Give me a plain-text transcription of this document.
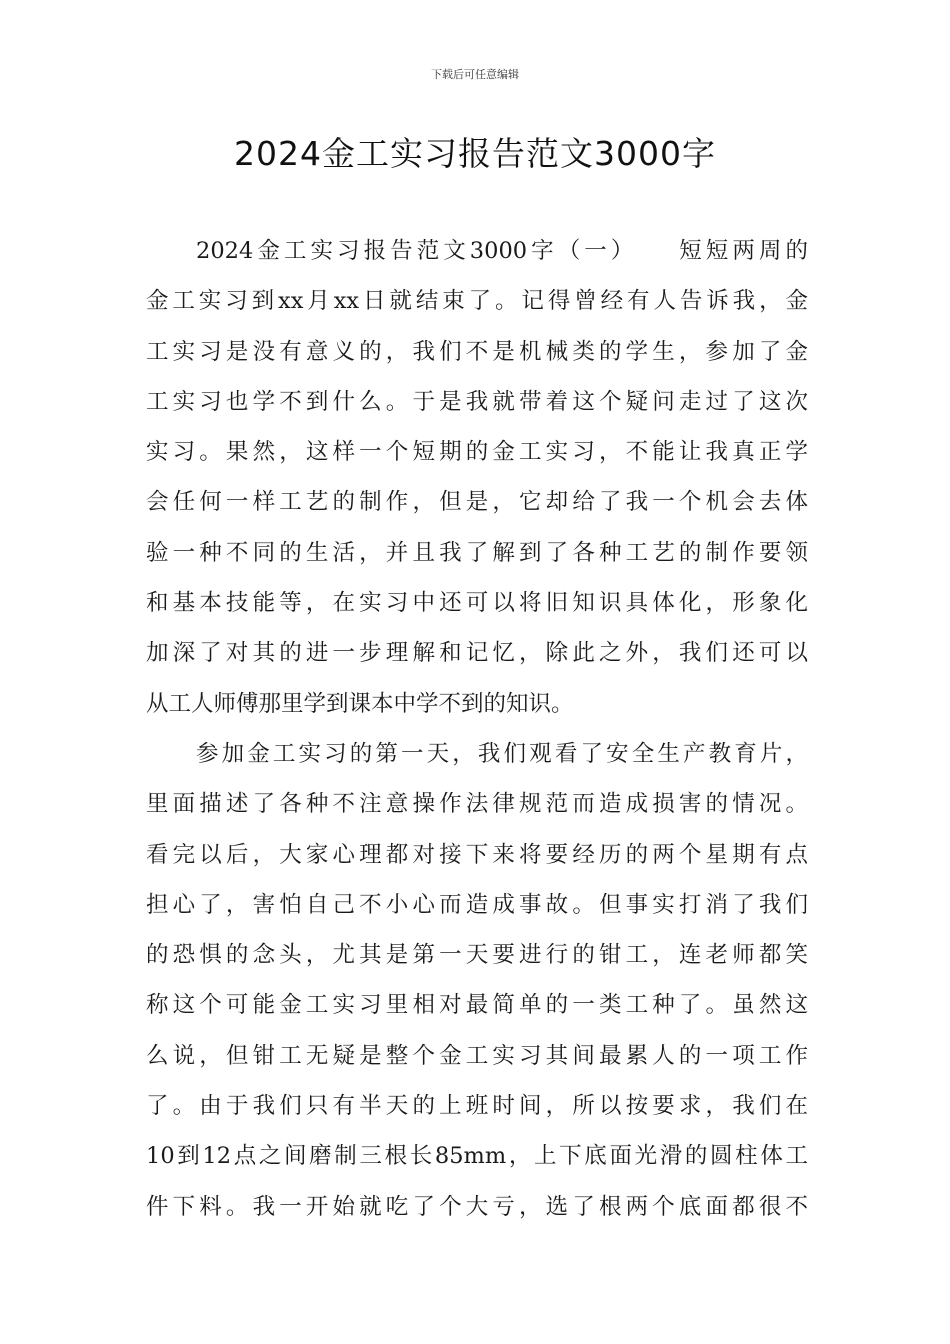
下载后可任意编辑
2024金工实习报告范文3000字
2024金工实习报告范文3000字（一）　　短短两周的
金工实习到xx月xx日就结束了。记得曾经有人告诉我，金
工实习是没有意义的，我们不是机械类的学生，参加了金
工实习也学不到什么。于是我就带着这个疑问走过了这次
实习。果然，这样一个短期的金工实习，不能让我真正学
会任何一样工艺的制作，但是，它却给了我一个机会去体
验一种不同的生活，并且我了解到了各种工艺的制作要领
和基本技能等，在实习中还可以将旧知识具体化，形象化
加深了对其的进一步理解和记忆，除此之外，我们还可以
从工人师傅那里学到课本中学不到的知识。
参加金工实习的第一天，我们观看了安全生产教育片，
里面描述了各种不注意操作法律规范而造成损害的情况。
看完以后，大家心理都对接下来将要经历的两个星期有点
担心了，害怕自己不小心而造成事故。但事实打消了我们
的恐惧的念头，尤其是第一天要进行的钳工，连老师都笑
称这个可能金工实习里相对最简单的一类工种了。虽然这
么说，但钳工无疑是整个金工实习其间最累人的一项工作
了。由于我们只有半天的上班时间，所以按要求，我们在
10到12点之间磨制三根长85mm，上下底面光滑的圆柱体工
件下料。我一开始就吃了个大亏，选了根两个底面都很不
